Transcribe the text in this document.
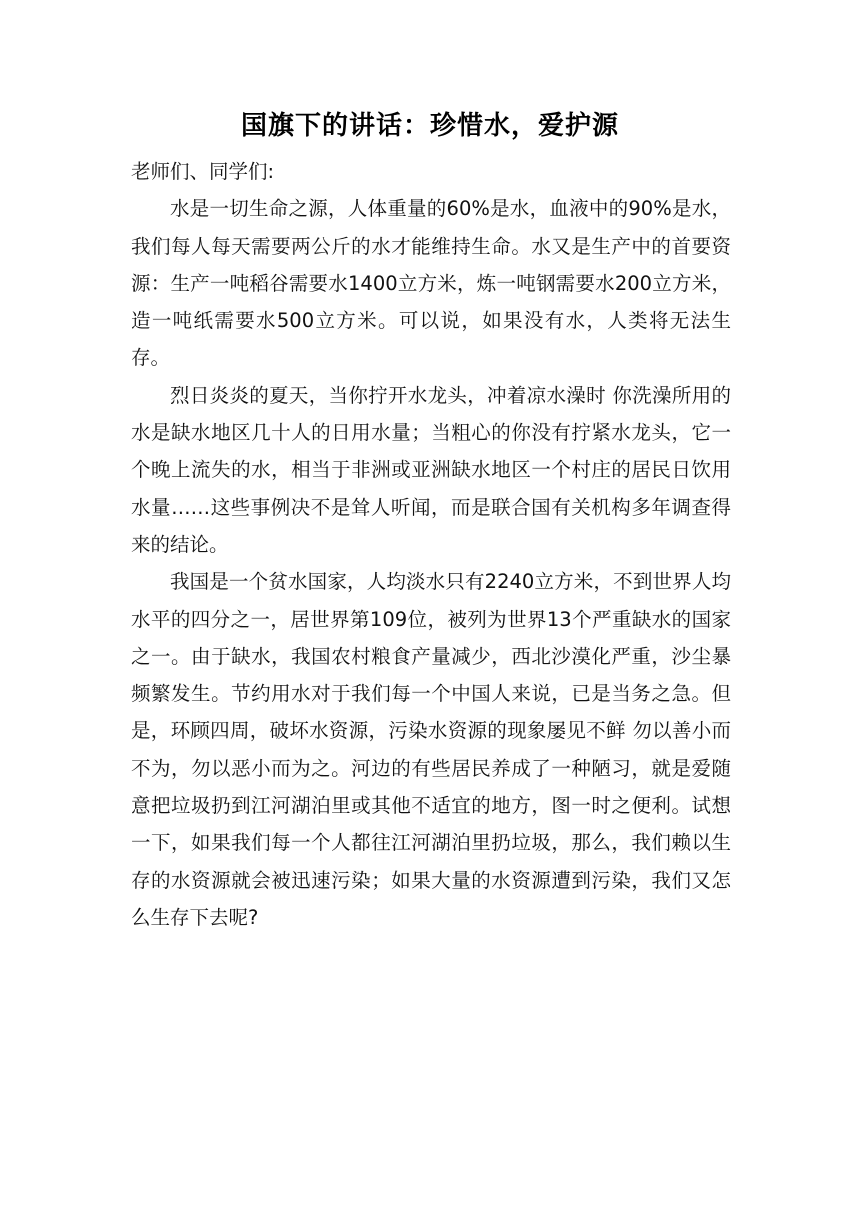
国旗下的讲话：珍惜水，爱护源

老师们、同学们:

水是一切生命之源，人体重量的60%是水，血液中的90%是水，我们每人每天需要两公斤的水才能维持生命。水又是生产中的首要资源：生产一吨稻谷需要水1400立方米，炼一吨钢需要水200立方米，造一吨纸需要水500立方米。可以说，如果没有水，人类将无法生存。

烈日炎炎的夏天，当你拧开水龙头，冲着凉水澡时 你洗澡所用的水是缺水地区几十人的日用水量；当粗心的你没有拧紧水龙头，它一个晚上流失的水，相当于非洲或亚洲缺水地区一个村庄的居民日饮用水量……这些事例决不是耸人听闻，而是联合国有关机构多年调查得来的结论。

我国是一个贫水国家，人均淡水只有2240立方米，不到世界人均水平的四分之一，居世界第109位，被列为世界13个严重缺水的国家之一。由于缺水，我国农村粮食产量减少，西北沙漠化严重，沙尘暴频繁发生。节约用水对于我们每一个中国人来说，已是当务之急。但是，环顾四周，破坏水资源，污染水资源的现象屡见不鲜 勿以善小而不为，勿以恶小而为之。河边的有些居民养成了一种陋习，就是爱随意把垃圾扔到江河湖泊里或其他不适宜的地方，图一时之便利。试想一下，如果我们每一个人都往江河湖泊里扔垃圾，那么，我们赖以生存的水资源就会被迅速污染；如果大量的水资源遭到污染，我们又怎么生存下去呢?
